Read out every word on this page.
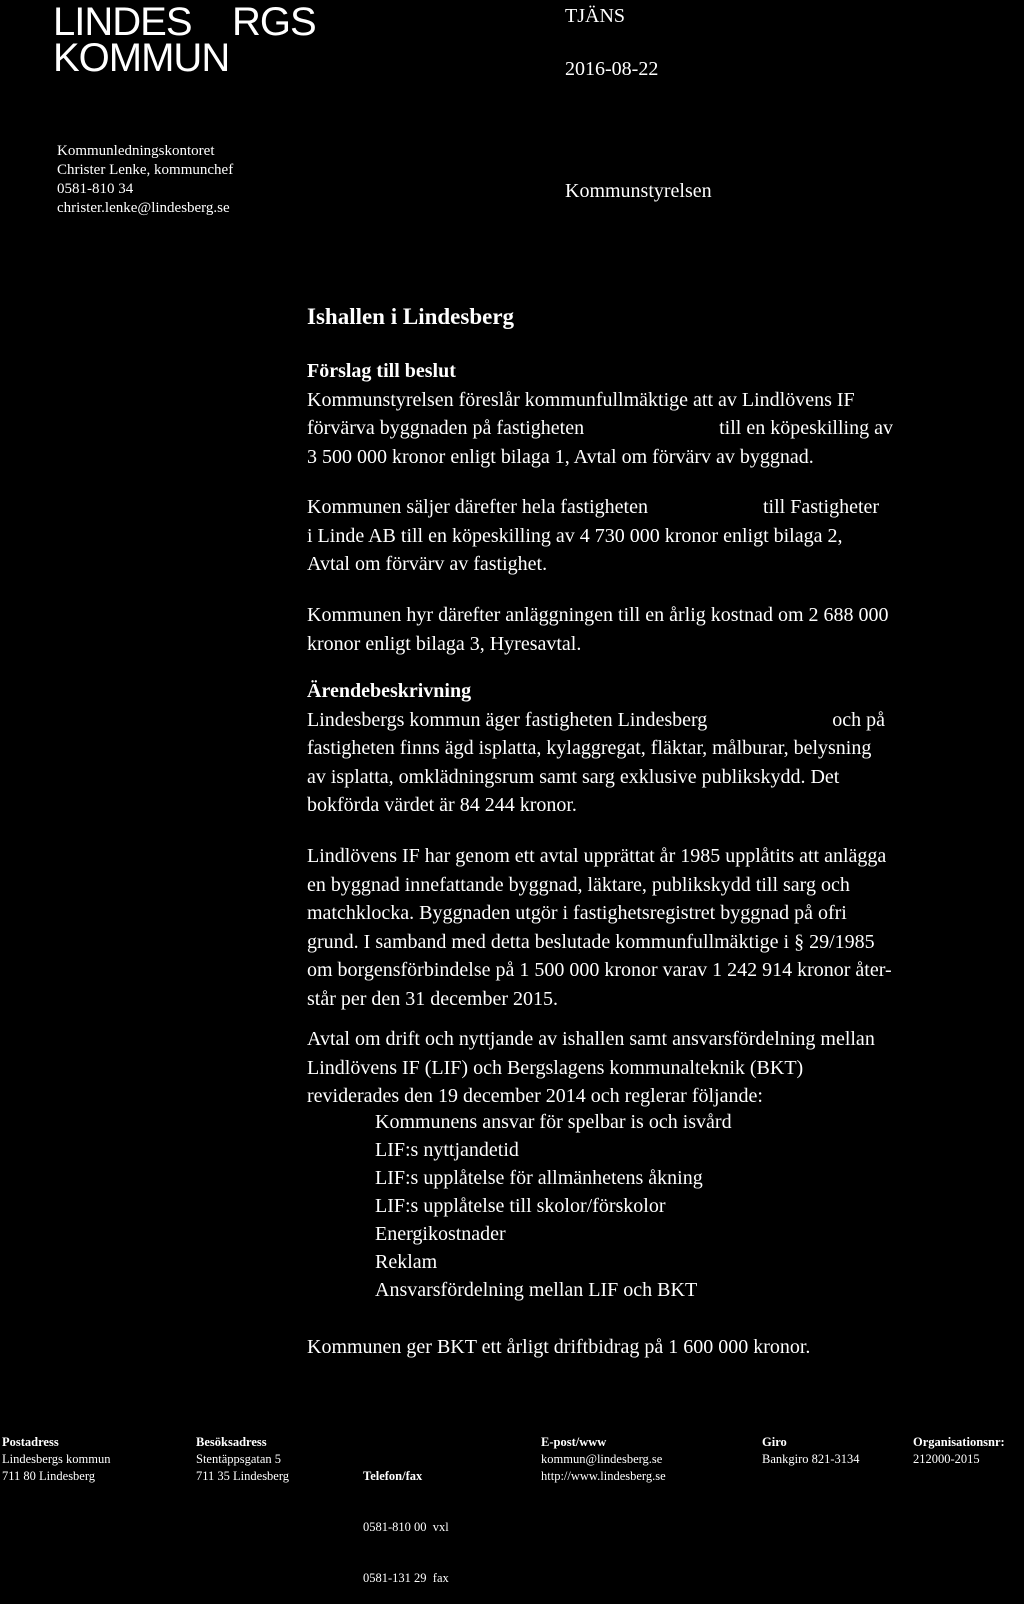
LINDES    RGS
KOMMUN
TJÄNS
2016-08-22
Kommunledningskontoret
Christer Lenke, kommunchef
0581-810 34
christer.lenke@lindesberg.se
Kommunstyrelsen
Ishallen i Lindesberg

Förslag till beslut

Kommunstyrelsen föreslår kommunfullmäktige att av Lindlövens IF

förvärva byggnaden på fastigheten                           till en köpeskilling av

3 500 000 kronor enligt bilaga 1, Avtal om förvärv av byggnad.

Kommunen säljer därefter hela fastigheten                       till Fastigheter

i Linde AB till en köpeskilling av 4 730 000 kronor enligt bilaga 2,

Avtal om förvärv av fastighet.

Kommunen hyr därefter anläggningen till en årlig kostnad om 2 688 000

kronor enligt bilaga 3, Hyresavtal.

Ärendebeskrivning

Lindesbergs kommun äger fastigheten Lindesberg                         och på

fastigheten finns ägd isplatta, kylaggregat, fläktar, målburar, belysning

av isplatta, omklädningsrum samt sarg exklusive publikskydd. Det

bokförda värdet är 84 244 kronor.

Lindlövens IF har genom ett avtal upprättat år 1985 upplåtits att anlägga

en byggnad innefattande byggnad, läktare, publikskydd till sarg och

matchklocka. Byggnaden utgör i fastighetsregistret byggnad på ofri

grund. I samband med detta beslutade kommunfullmäktige i § 29/1985

om borgensförbindelse på 1 500 000 kronor varav 1 242 914 kronor åter-

står per den 31 december 2015.

Avtal om drift och nyttjande av ishallen samt ansvarsfördelning mellan

Lindlövens IF (LIF) och Bergslagens kommunalteknik (BKT)

reviderades den 19 december 2014 och reglerar följande:

Kommunens ansvar för spelbar is och isvård
LIF:s nyttjandetid
LIF:s upplåtelse för allmänhetens åkning
LIF:s upplåtelse till skolor/förskolor
Energikostnader
Reklam
Ansvarsfördelning mellan LIF och BKT

Kommunen ger BKT ett årligt driftbidrag på 1 600 000 kronor.

Postadress
Lindesbergs kommun
711 80 Lindesberg
Besöksadress
Stentäppsgatan 5
711 35 Lindesberg

	Telefon/fax

0581-810 00  vxl

0581-131 29  fax

E-post/www
kommun@lindesberg.se
http://www.lindesberg.se
Giro
Bankgiro 821-3134
Organisationsnr:
212000-2015
